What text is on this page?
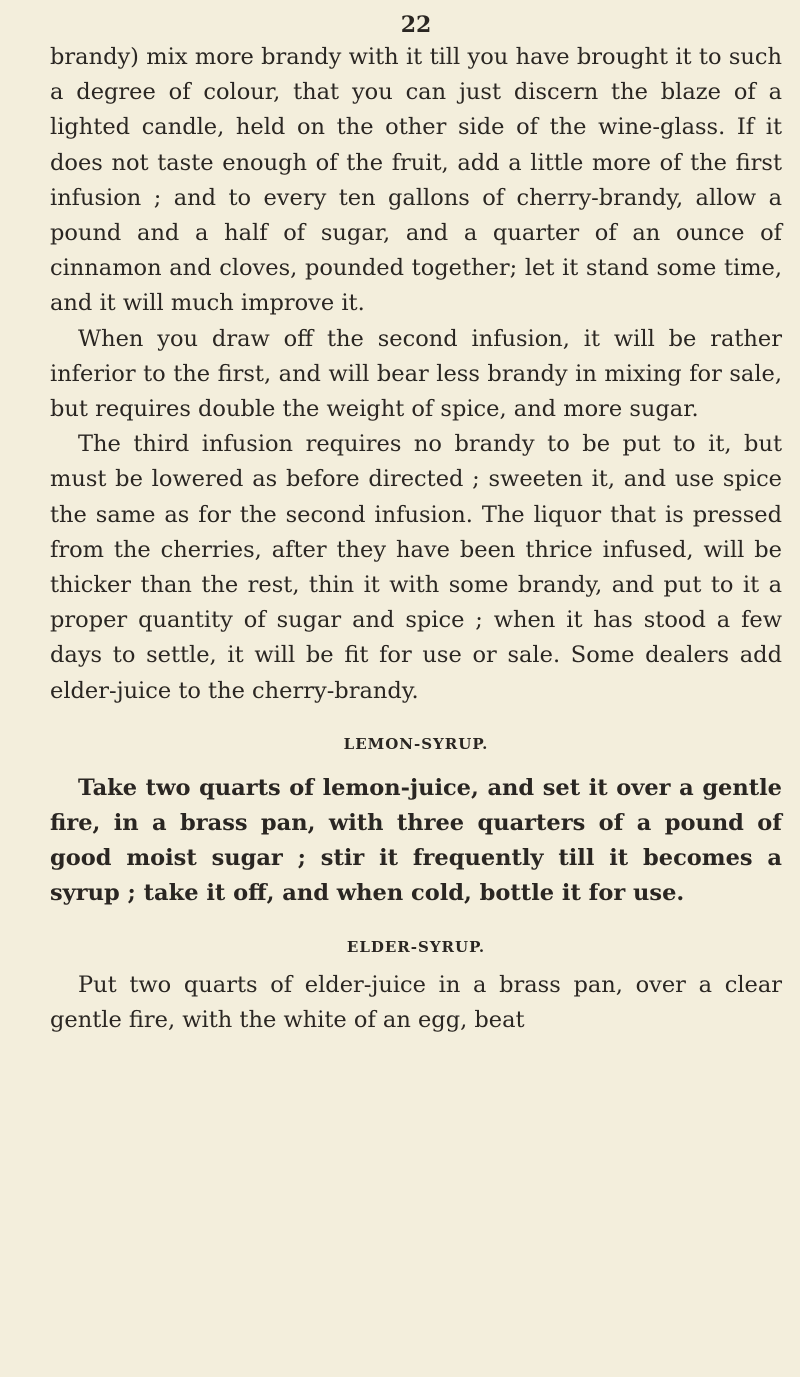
22

brandy) mix more brandy with it till you have brought it to such a degree of colour, that you can just discern the blaze of a lighted candle, held on the other side of the wine-glass. If it does not taste enough of the fruit, add a little more of the first infusion ; and to every ten gallons of cherry-brandy, allow a pound and a half of sugar, and a quarter of an ounce of cinnamon and cloves, pounded together; let it stand some time, and it will much improve it.

When you draw off the second infusion, it will be rather inferior to the first, and will bear less brandy in mixing for sale, but requires double the weight of spice, and more sugar.

The third infusion requires no brandy to be put to it, but must be lowered as before directed ; sweeten it, and use spice the same as for the second infusion. The liquor that is pressed from the cherries, after they have been thrice infused, will be thicker than the rest, thin it with some brandy, and put to it a proper quantity of sugar and spice ; when it has stood a few days to settle, it will be fit for use or sale. Some dealers add elder-juice to the cherry-brandy.

LEMON-SYRUP.

Take two quarts of lemon-juice, and set it over a gentle fire, in a brass pan, with three quarters of a pound of good moist sugar ; stir it frequently till it becomes a syrup ; take it off, and when cold, bottle it for use.

ELDER-SYRUP.

Put two quarts of elder-juice in a brass pan, over a clear gentle fire, with the white of an egg, beat
